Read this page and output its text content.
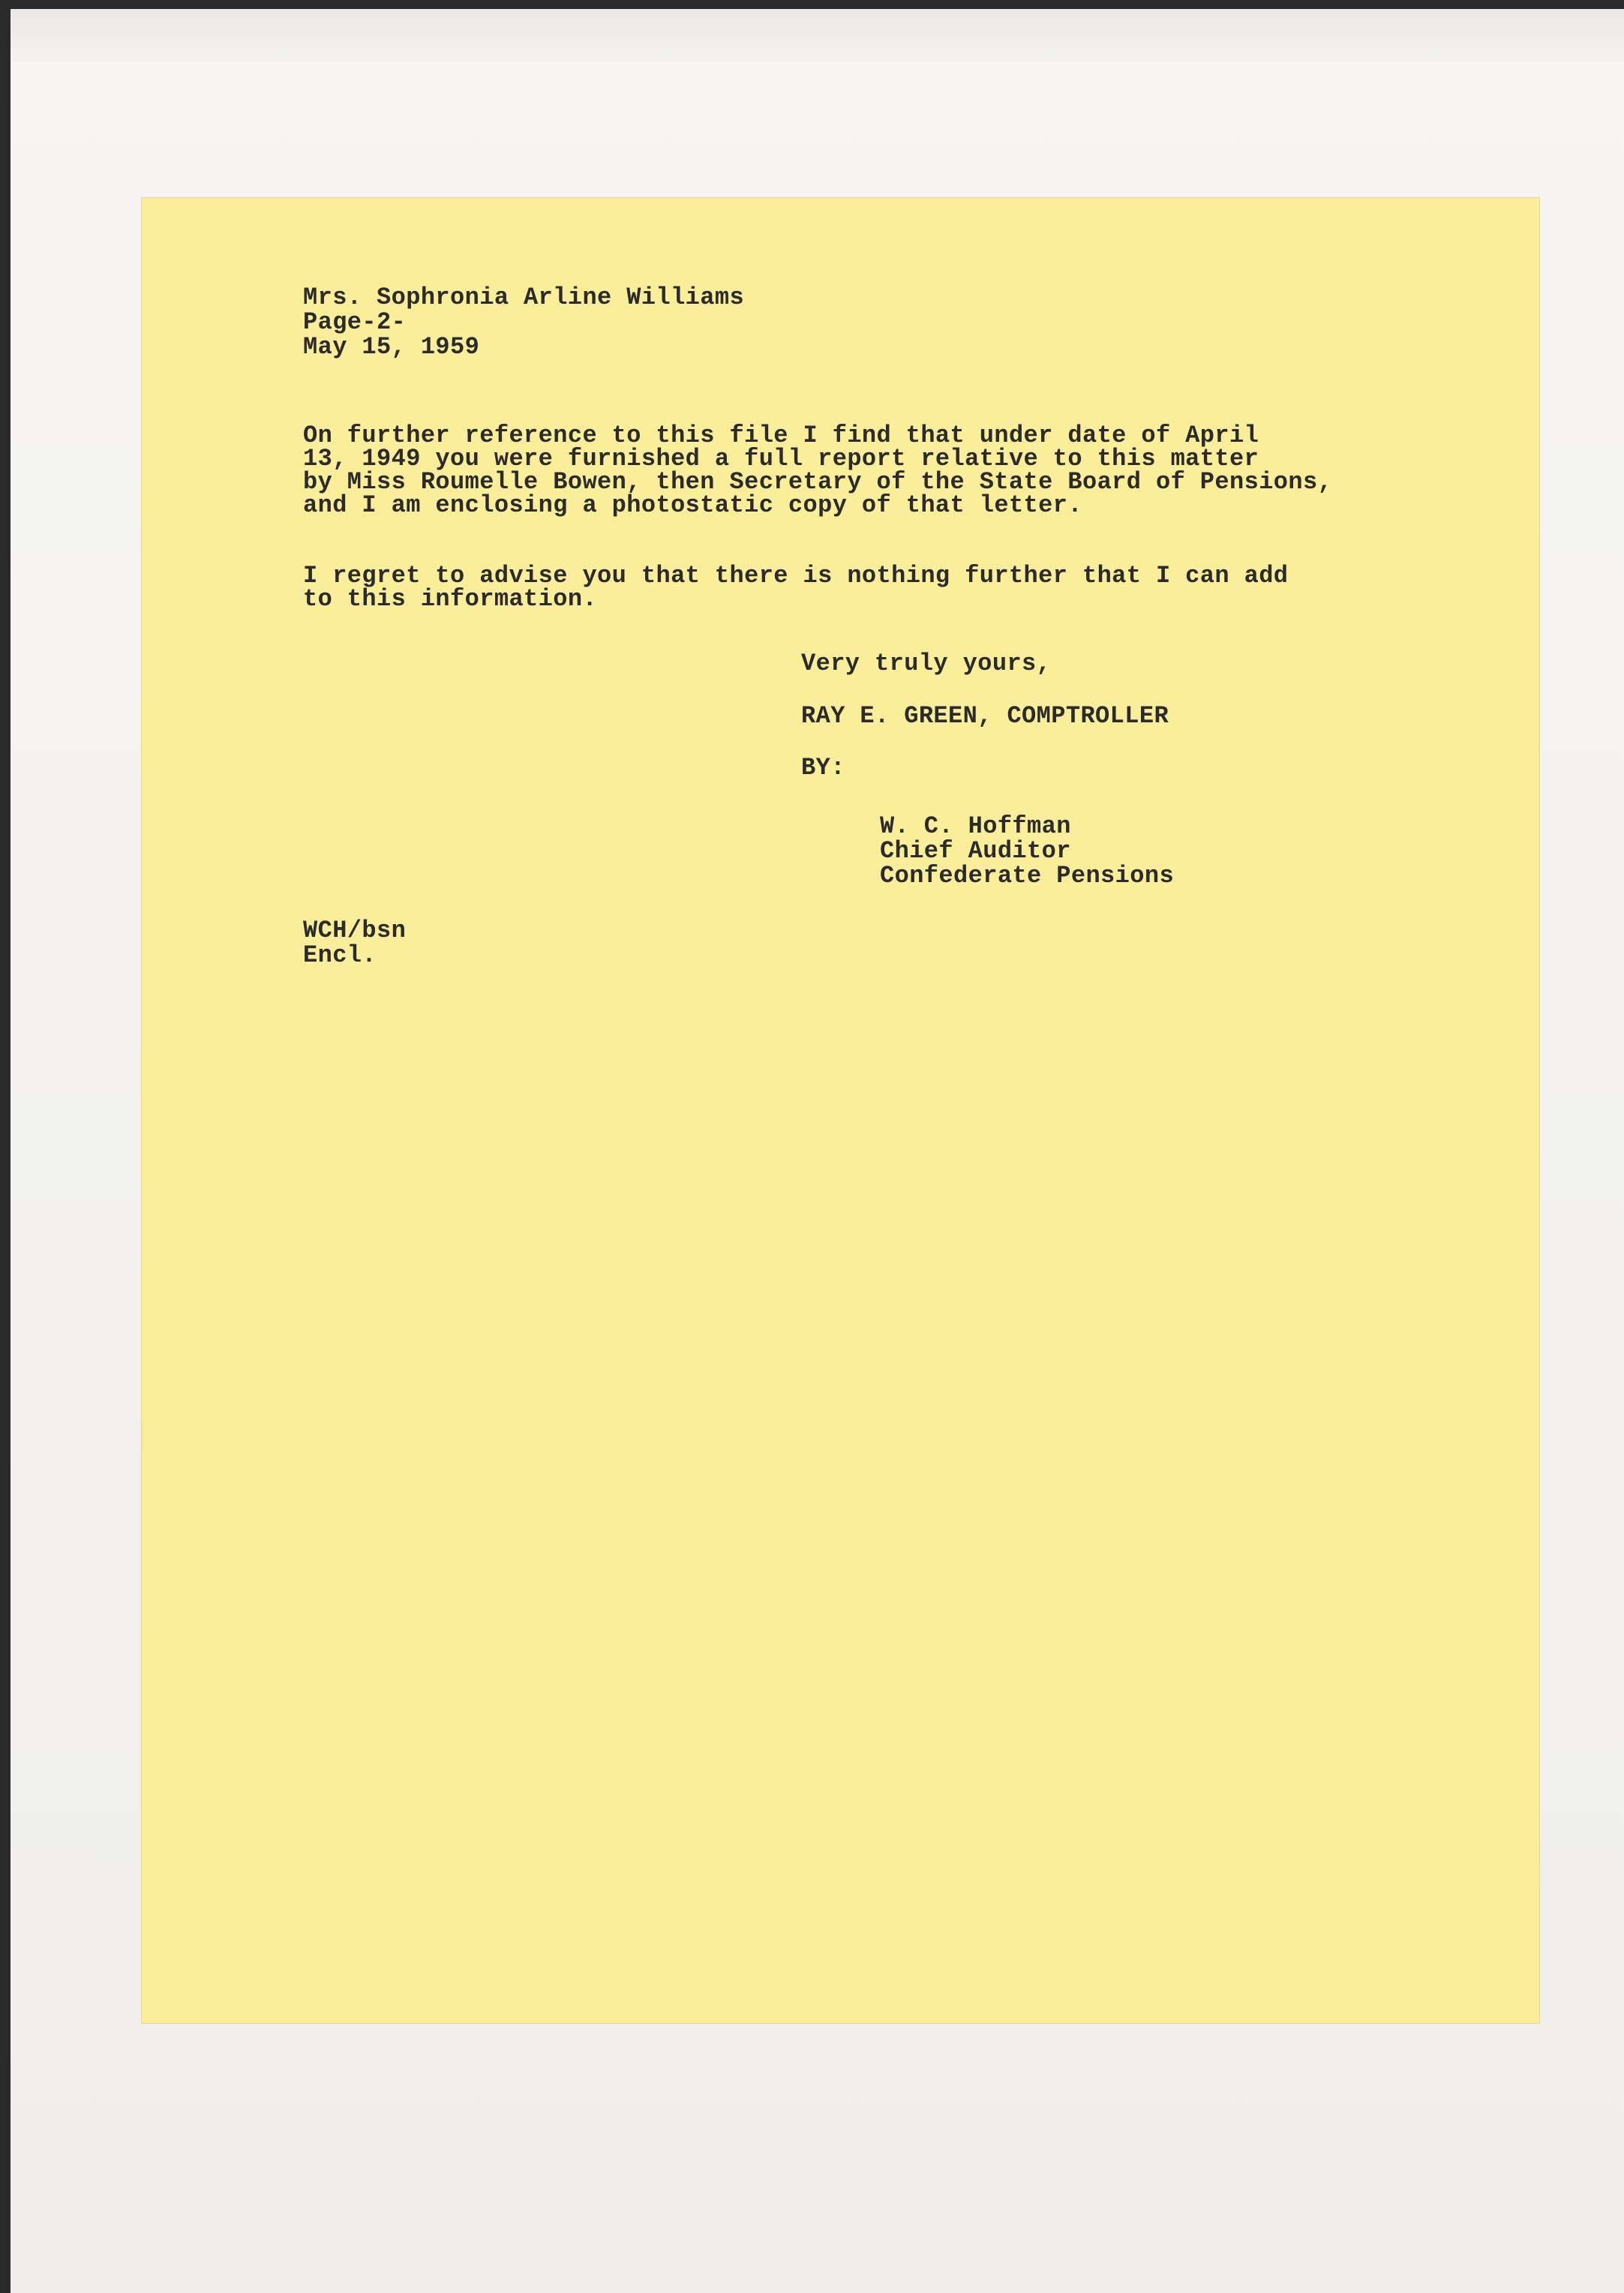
Mrs. Sophronia Arline Williams
Page-2-
May 15, 1959
On further reference to this file I find that under date of April
13, 1949 you were furnished a full report relative to this matter
by Miss Roumelle Bowen, then Secretary of the State Board of Pensions,
and I am enclosing a photostatic copy of that letter.
I regret to advise you that there is nothing further that I can add
to this information.
Very truly yours,
RAY E. GREEN, COMPTROLLER
BY:
W. C. Hoffman
Chief Auditor
Confederate Pensions
WCH/bsn
Encl.
